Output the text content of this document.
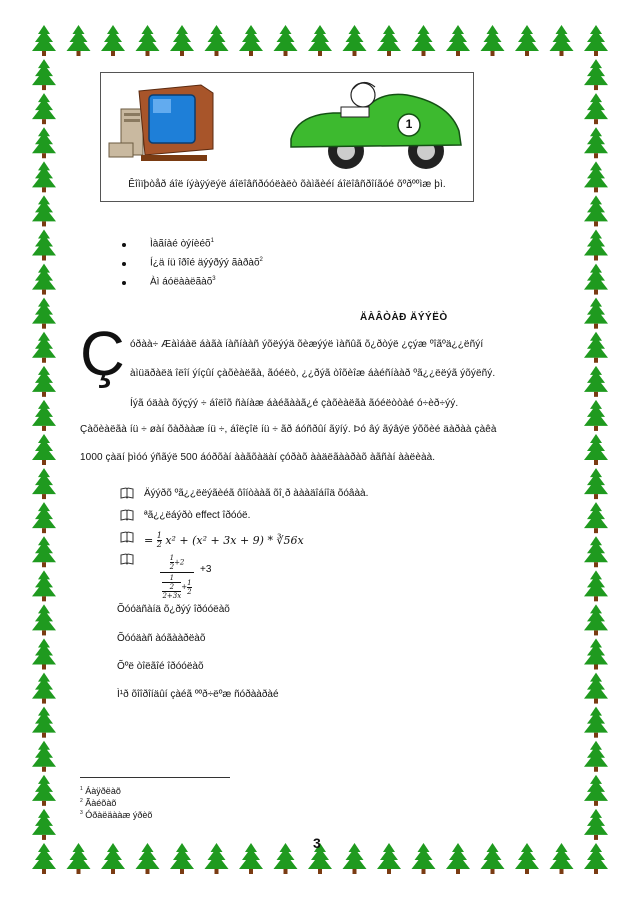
1
Êîìïþòåð áîë íýàÿýëýë áîëîâñðóóëàëò õàìãèéí áîëîâñðîíãóé õºðººìæ þì.
Ìàãíàé òýíèéõ$^1$
Í¿ä íü îðîé äýýðýý ãàðàõ$^2$
Àì áóëààëãàõ$^3$
ÄÀÂÒÀÐ ÄÝÝËÒ
Ç óðàà÷ Æàìáàë áàãà íàñíààñ ýõëýýä õèæýýë ìàñûã õ¿ðòýë ¿çýæ ºîãºä¿¿ëñýí
àìüäðàëä îëîí ýíçûí çàõèàëãà, ãóéëò, ¿¿ðýã òîõèîæ áàéñíààð ºã¿¿ëëýã ýõýëñý.
Íýã óäàà õýçýý ÷ áîëîõ ñàíàæ áàéãààã¿é çàõèàëãà ãóéëòòàé ó÷èð÷ýý.
Çàõèàëãà íü ÷ øàí õàðààæ íü ÷, áîëçîë íü ÷ ãð áóñðûí ãÿíý. Þó âý ãýâýë ýõõèé äàðàà çàêà
1000 çàäí þìóó ýñãýë 500 áóðõàí ààãõàäàí çóðàõ ààäëãààðàõ àãñàí ààëèàà.
Äýýðõ ºã¿¿ëëýãèéã ôîíòààã õî¸ð àààäîáíîä õóâàà.
ªã¿¿ëáýðò effect îðóóë.
= $\frac{1}{2} x^2 + (x^2 + 3x + 9)$ * ∛56x
$\frac{1}{2} +2$
1
2
2+3x
+ $\frac{1}{2}$
+3
Õóóäñàíä õ¿ðýý îðóóëàõ
Õóóäàñ àóãààðëàõ
Õºë òîëãîé îðóóëàõ
Ì¹ð õîîðîíäûí çàéã ººð÷ëºæ ñóðààðàé
$^1$ Áàÿðëàõ
$^2$ Ãàéõàõ
$^3$ Óðàëäààæ ýðèõ
3
